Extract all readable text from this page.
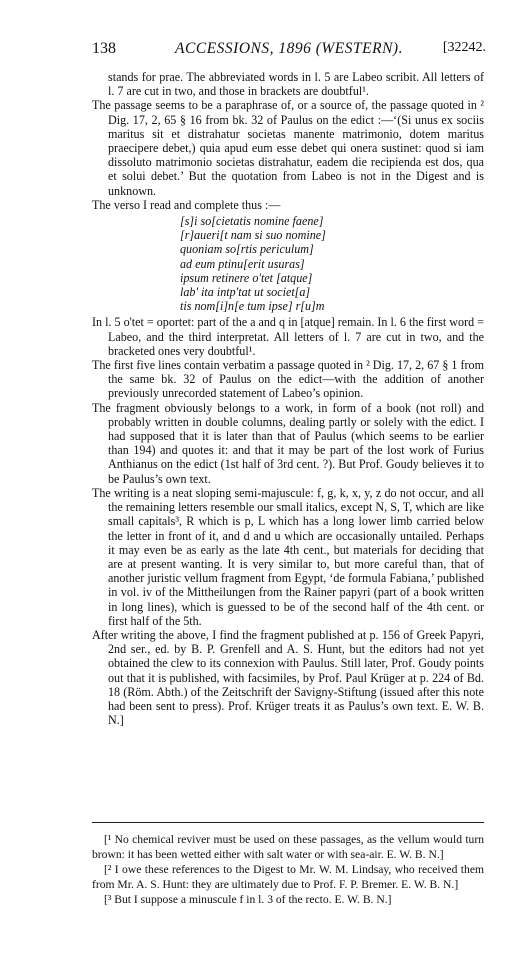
138	ACCESSIONS, 1896 (WESTERN).	[32242.

stands for prae. The abbreviated words in l. 5 are Labeo scribit. All letters of l. 7 are cut in two, and those in brackets are doubtful¹.

The passage seems to be a paraphrase of, or a source of, the passage quoted in ² Dig. 17, 2, 65 § 16 from bk. 32 of Paulus on the edict :—‘(Si unus ex sociis maritus sit et distrahatur societas manente matrimonio, dotem maritus praecipere debet,) quia apud eum esse debet qui onera sustinet: quod si iam dissoluto matrimonio societas distrahatur, eadem die recipienda est dos, qua et solui debet.’ But the quotation from Labeo is not in the Digest and is unknown.

The verso I read and complete thus :—

[s]i so[cietatis nomine faene]
[r]aueri[t nam si suo nomine]
quoniam so[rtis periculum]
ad eum ptinu[erit usuras]
ipsum retinere o'tet [atque]
lab' ita intp'tat ut societ[a]
tis nom[i]n[e tum ipse] r[u]m

In l. 5 o'tet = oportet: part of the a and q in [atque] remain. In l. 6 the first word = Labeo, and the third interpretat. All letters of l. 7 are cut in two, and the bracketed ones very doubtful¹.

The first five lines contain verbatim a passage quoted in ² Dig. 17, 2, 67 § 1 from the same bk. 32 of Paulus on the edict—with the addition of another previously unrecorded statement of Labeo’s opinion.

The fragment obviously belongs to a work, in form of a book (not roll) and probably written in double columns, dealing partly or solely with the edict. I had supposed that it is later than that of Paulus (which seems to be earlier than 194) and quotes it: and that it may be part of the lost work of Furius Anthianus on the edict (1st half of 3rd cent. ?). But Prof. Goudy believes it to be Paulus’s own text.

The writing is a neat sloping semi-majuscule: f, g, k, x, y, z do not occur, and all the remaining letters resemble our small italics, except N, S, T, which are like small capitals³, R which is p, L which has a long lower limb carried below the letter in front of it, and d and u which are occasionally untailed. Perhaps it may even be as early as the late 4th cent., but materials for deciding that are at present wanting. It is very similar to, but more careful than, that of another juristic vellum fragment from Egypt, ‘de formula Fabiana,’ published in vol. iv of the Mittheilungen from the Rainer papyri (part of a book written in long lines), which is guessed to be of the second half of the 4th cent. or first half of the 5th.

After writing the above, I find the fragment published at p. 156 of Greek Papyri, 2nd ser., ed. by B. P. Grenfell and A. S. Hunt, but the editors had not yet obtained the clew to its connexion with Paulus. Still later, Prof. Goudy points out that it is published, with facsimiles, by Prof. Paul Krüger at p. 224 of Bd. 18 (Röm. Abth.) of the Zeitschrift der Savigny-Stiftung (issued after this note had been sent to press). Prof. Krüger treats it as Paulus’s own text. E. W. B. N.]

[¹ No chemical reviver must be used on these passages, as the vellum would turn brown: it has been wetted either with salt water or with sea-air. E. W. B. N.]

[² I owe these references to the Digest to Mr. W. M. Lindsay, who received them from Mr. A. S. Hunt: they are ultimately due to Prof. F. P. Bremer. E. W. B. N.]

[³ But I suppose a minuscule f in l. 3 of the recto. E. W. B. N.]
